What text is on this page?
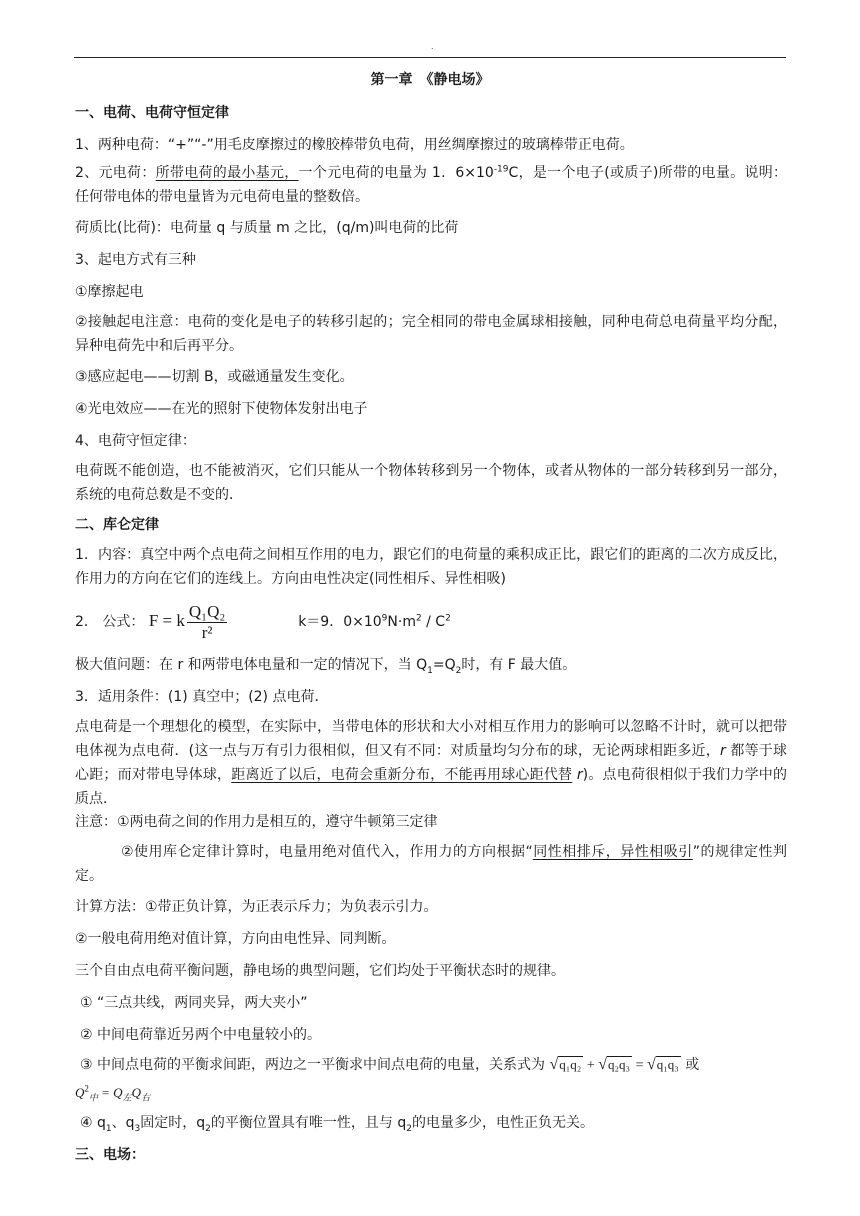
.
第一章　《静电场》
一、电荷、电荷守恒定律
1、两种电荷：“+”“-”用毛皮摩擦过的橡胶棒带负电荷，用丝绸摩擦过的玻璃棒带正电荷。
2、元电荷：所带电荷的最小基元，一个元电荷的电量为 1．$6\times 10^{-19}C$，是一个电子(或质子)所带的电量。说明：任何带电体的带电量皆为元电荷电量的整数倍。
荷质比(比荷)：电荷量 q 与质量 m 之比，(q/m)叫电荷的比荷
3、起电方式有三种
①摩擦起电
②接触起电注意：电荷的变化是电子的转移引起的；完全相同的带电金属球相接触，同种电荷总电荷量平均分配，异种电荷先中和后再平分。
③感应起电——切割 B，或磁通量发生变化。
④光电效应——在光的照射下使物体发射出电子
4、电荷守恒定律：
电荷既不能创造，也不能被消灭，它们只能从一个物体转移到另一个物体，或者从物体的一部分转移到另一部分，系统的电荷总数是不变的．
二、库仑定律
1．内容：真空中两个点电荷之间相互作用的电力，跟它们的电荷量的乘积成正比，跟它们的距离的二次方成反比，作用力的方向在它们的连线上。方向由电性决定(同性相斥、异性相吸)
2． 公式： F = k $\frac{\text{Q₁Q₂}}{\text{r²}}$	k＝9．$0\times 10^9N\cdot m^2 / C^2$
极大值问题：在 r 和两带电体电量和一定的情况下，当 $Q_1=Q_2$时，有 F 最大值。
3．适用条件：(1) 真空中；(2) 点电荷．
点电荷是一个理想化的模型，在实际中，当带电体的形状和大小对相互作用力的影响可以忽略不计时，就可以把带电体视为点电荷．(这一点与万有引力很相似，但又有不同：对质量均匀分布的球，无论两球相距多近，r 都等于球心距；而对带电导体球，距离近了以后，电荷会重新分布，不能再用球心距代替 r)。点电荷很相似于我们力学中的质点．
注意：①两电荷之间的作用力是相互的，遵守牛顿第三定律
②使用库仑定律计算时，电量用绝对值代入，作用力的方向根据“同性相排斥，异性相吸引”的规律定性判定。
计算方法：①带正负计算，为正表示斥力；为负表示引力。
②一般电荷用绝对值计算，方向由电性异、同判断。
三个自由点电荷平衡问题，静电场的典型问题，它们均处于平衡状态时的规律。
① “三点共线，两同夹异，两大夹小”
② 中间电荷靠近另两个中电量较小的。
③ 中间点电荷的平衡求间距，两边之一平衡求中间点电荷的电量，关系式为 √q₁q₂ + √q₂q₃ = √q₁q₃ 或
$Q^2_中 = Q_左Q_右$
④ $q_1$、$q_3$固定时，$q_2$的平衡位置具有唯一性，且与 $q_2$的电量多少，电性正负无关。
三、电场：
